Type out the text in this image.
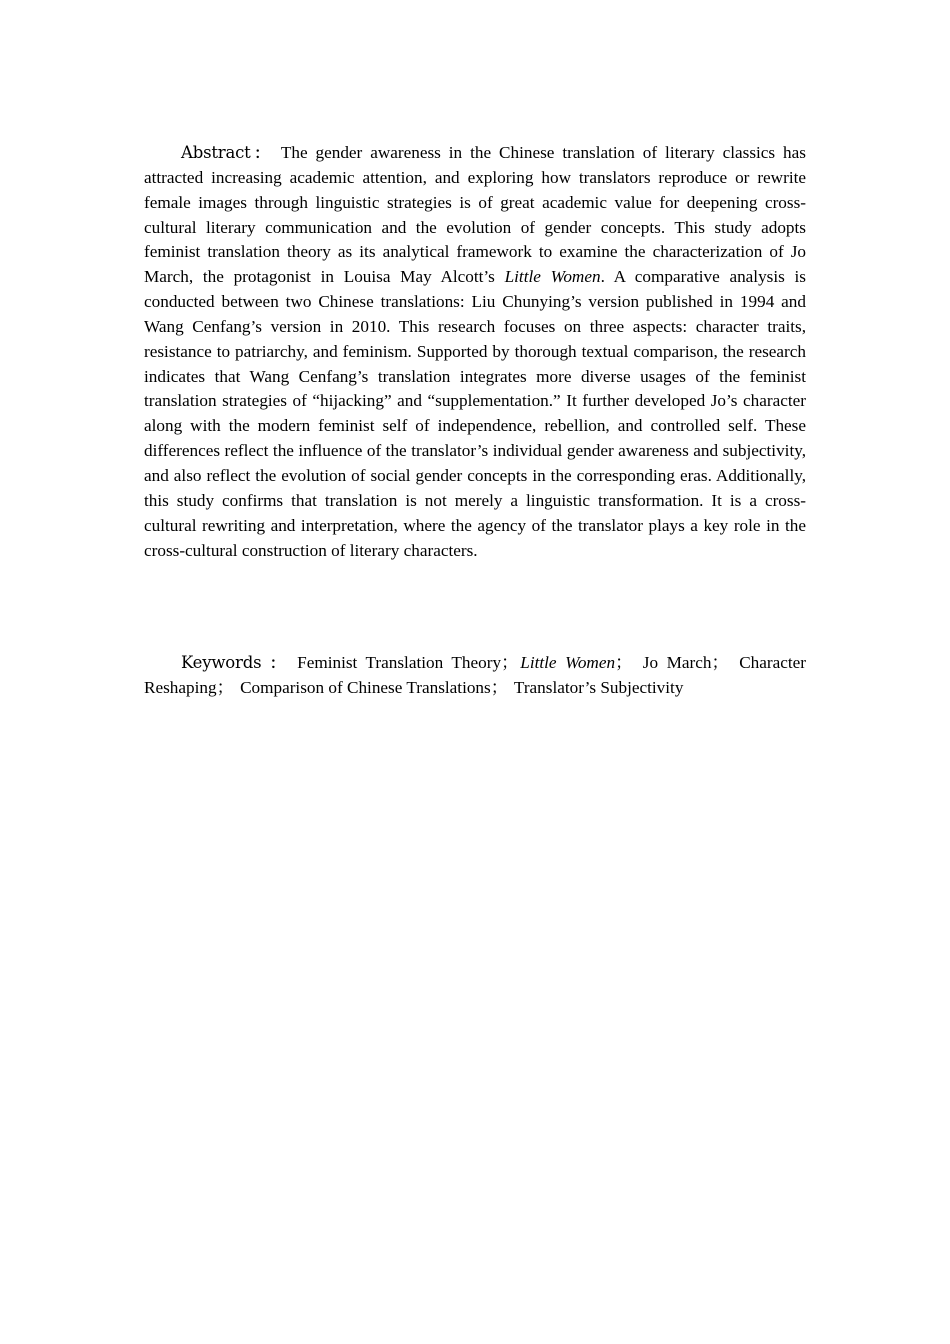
Abstract： The gender awareness in the Chinese translation of literary classics has attracted increasing academic attention, and exploring how translators reproduce or rewrite female images through linguistic strategies is of great academic value for deepening cross-cultural literary communication and the evolution of gender concepts. This study adopts feminist translation theory as its analytical framework to examine the characterization of Jo March, the protagonist in Louisa May Alcott’s Little Women. A comparative analysis is conducted between two Chinese translations: Liu Chunying’s version published in 1994 and Wang Cenfang’s version in 2010. This research focuses on three aspects: character traits, resistance to patriarchy, and feminism. Supported by thorough textual comparison, the research indicates that Wang Cenfang’s translation integrates more diverse usages of the feminist translation strategies of “hijacking” and “supplementation.” It further developed Jo’s character along with the modern feminist self of independence, rebellion, and controlled self. These differences reflect the influence of the translator’s individual gender awareness and subjectivity, and also reflect the evolution of social gender concepts in the corresponding eras. Additionally, this study confirms that translation is not merely a linguistic transformation. It is a cross-cultural rewriting and interpretation, where the agency of the translator plays a key role in the cross-cultural construction of literary characters.

Keywords ： Feminist Translation Theory； Little Women； Jo March； Character Reshaping； Comparison of Chinese Translations； Translator’s Subjectivity
